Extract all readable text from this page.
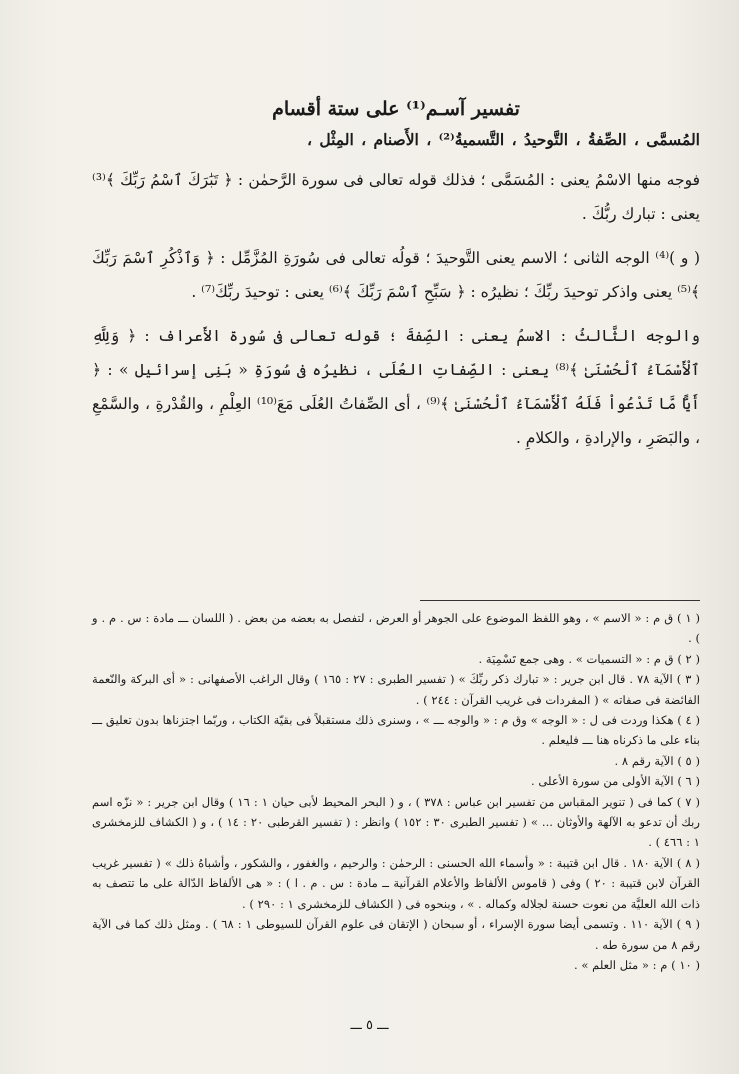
تفسير آسـم⁽¹⁾ على ستة أقسام
المُسمَّى ، الصِّفةُ ، التَّوحيدُ ، التَّسميةُ⁽²⁾ ، الأَصنام ، المِثْل ،

فوجه منها الاسْمُ يعنى : المُسَمَّى ؛ فذلك قوله تعالى فى سورة الرَّحمٰن : ﴿ تَبَٰرَكَ ٱسْمُ رَبِّكَ ﴾⁽³⁾ يعنى : تبارك ربُّكَ .

( و )⁽⁴⁾ الوجه الثانى ؛ الاسم يعنى التَّوحيدَ ؛ قولُه تعالى فى سُورَةِ المُزَّمِّل : ﴿ وَٱذْكُرِ ٱسْمَ رَبِّكَ ﴾⁽⁵⁾ يعنى واذكر توحيدَ ربِّكَ ؛ نظيرُه : ﴿ سَبِّحِ ٱسْمَ رَبِّكَ ﴾⁽⁶⁾ يعنى : توحيدَ ربِّكَ⁽⁷⁾ .

والوجه الثَّالثُ : الاسمُ يعنى : الصِّفةَ ؛ قوله تعالى فى سُورة الأَعراف : ﴿ وَلِلَّهِ ٱلْأَسْمَآءُ ٱلْحُسْنَىٰ ﴾⁽⁸⁾ يعنى : الصِّفاتِ العُلَى ، نظيرُه فى سُورَةِ « بَنِى إسرائيل » : ﴿ أَيًّا مَّا تَدْعُواْ فَلَهُ ٱلْأَسْمَآءُ ٱلْحُسْنَىٰ ﴾⁽⁹⁾ ، أى الصِّفاتُ العُلَى مَعَ⁽¹⁰⁾ العِلْمِ ، والقُدْرةِ ، والسَّمْعِ ، والبَصَرِ ، والإرادةِ ، والكلامِ .

( ١ ) ق م : « الاسم » ، وهو اللفظ الموضوع على الجوهر أو العرض ، لتفصل به بعضه من بعض . ( اللسان ـــ مادة : س . م . و ) .

( ٢ ) ق م : « التسميات » . وهى جمع تَسْمِيَة .

( ٣ ) الآية ٧٨ . قال ابن جرير : « تبارك ذكر ربِّكَ » ( تفسير الطبرى : ٢٧ : ١٦٥ ) وقال الراغب الأصفهانى : « أى البركة والنّعمة الفائضة فى صفاته » ( المفردات فى غريب القرآن : ٢٤٤ ) .

( ٤ ) هكذا وردت فى ل : « الوجه » وق م : « والوجه ـــ » ، وسنرى ذلك مستقبلاً فى بقيّة الكتاب ، وربّما اجتزناها بدون تعليق ـــ بناء على ما ذكرناه هنا ـــ فليعلم .

( ٥ ) الآية رقم ٨ .

( ٦ ) الآية الأولى من سورة الأعلى .

( ٧ ) كما فى ( تنوير المقباس من تفسير ابن عباس : ٣٧٨ ) ، و ( البحر المحيط لأبى حيان ١ : ١٦ ) وقال ابن جرير : « نزّه اسم ربك أن تدعو به الآلهة والأوثان ... » ( تفسير الطبرى ٣٠ : ١٥٢ ) وانظر : ( تفسير القرطبى ٢٠ : ١٤ ) ، و ( الكشاف للزمخشرى ١ : ٤٦٦ ) .

( ٨ ) الآية ١٨٠ . قال ابن قتيبة : « وأسماء الله الحسنى : الرحمٰن : والرحيم ، والغفور ، والشكور ، وأشباهُ ذلك » ( تفسير غريب القرآن لابن قتيبة : ٢٠ ) وفى ( قاموس الألفاظ والأعلام القرآنية ــ مادة : س . م . ا ) : « هى الألفاظ الدّالة على ما تتصف به ذات الله العليَّة من نعوت حسنة لجلاله وكماله . » ، وبنحوه فى ( الكشاف للزمخشرى ١ : ٢٩٠ ) .

( ٩ ) الآية ١١٠ . وتسمى أيضا سورة الإسراء ، أو سبحان ( الإتقان فى علوم القرآن للسيوطى ١ : ٦٨ ) . ومثل ذلك كما فى الآية رقم ٨ من سورة طه .

( ١٠ ) م : « مثل العلم » .

ـــ ٥ ـــ
